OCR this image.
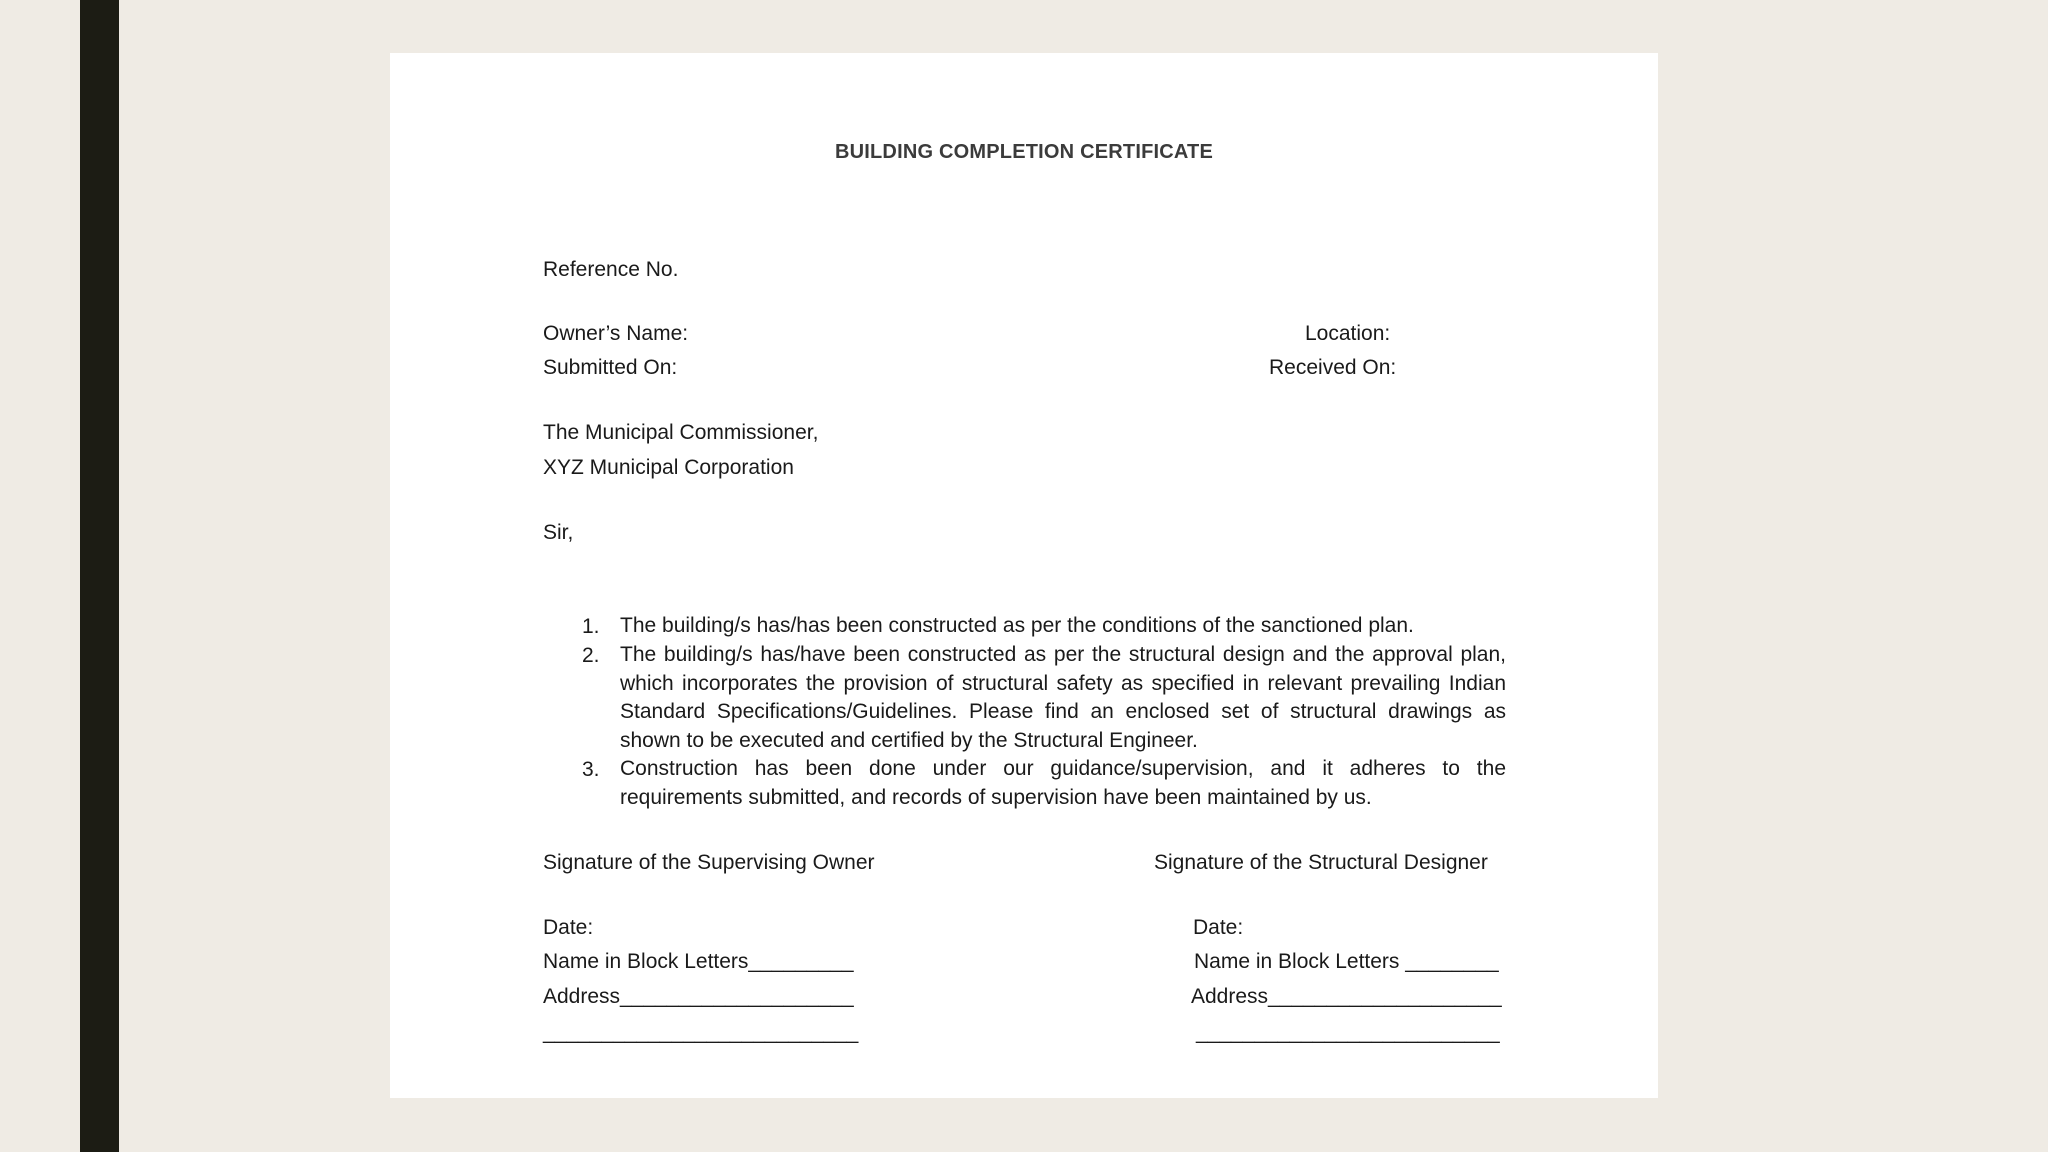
BUILDING COMPLETION CERTIFICATE
Reference No.
Owner’s Name:	Location:
Submitted On:	Received On:
The Municipal Commissioner,
XYZ Municipal Corporation
Sir,
1. The building/s has/has been constructed as per the conditions of the sanctioned plan.
2. The building/s has/have been constructed as per the structural design and the approval plan, which incorporates the provision of structural safety as specified in relevant prevailing Indian Standard Specifications/Guidelines. Please find an enclosed set of structural drawings as shown to be executed and certified by the Structural Engineer.
3. Construction has been done under our guidance/supervision, and it adheres to the requirements submitted, and records of supervision have been maintained by us.
Signature of the Supervising Owner
Date:
Name in Block Letters_________
Address____________________
___________________________
Signature of the Structural Designer
Date:
Name in Block Letters ________
Address____________________
__________________________
